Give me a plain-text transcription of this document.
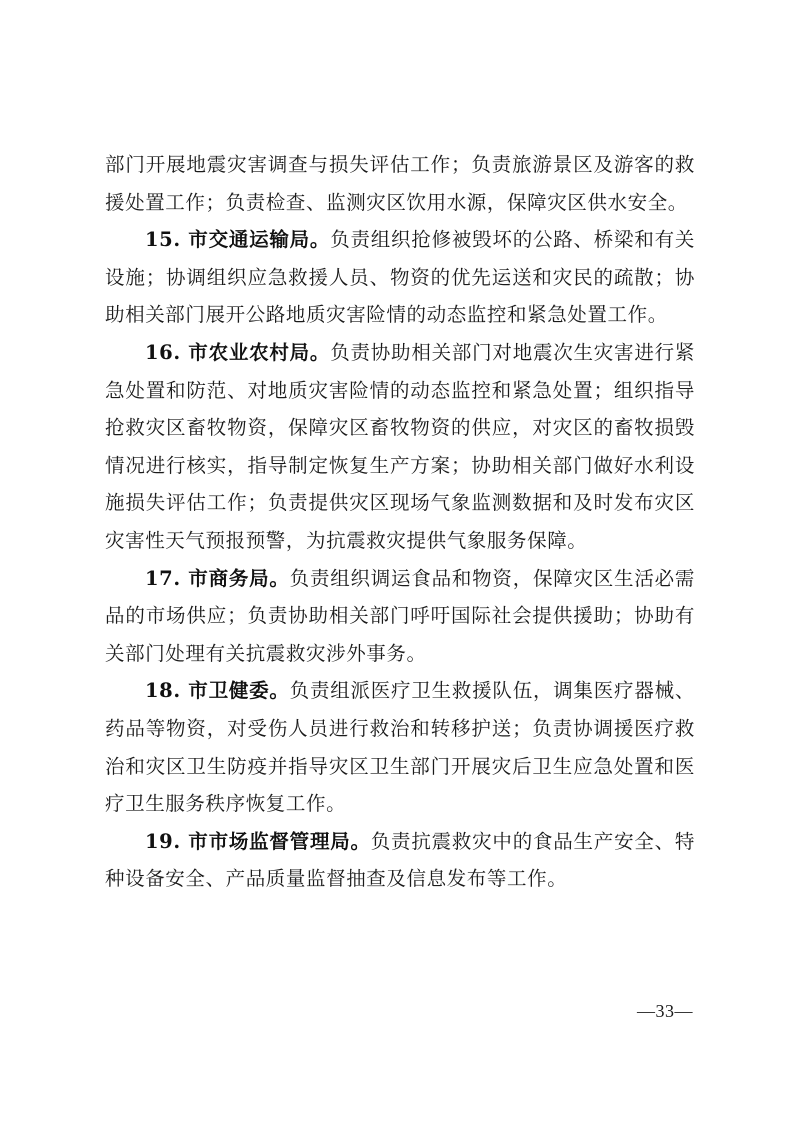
部门开展地震灾害调查与损失评估工作；负责旅游景区及游客的救援处置工作；负责检查、监测灾区饮用水源，保障灾区供水安全。

15. 市交通运输局。负责组织抢修被毁坏的公路、桥梁和有关设施；协调组织应急救援人员、物资的优先运送和灾民的疏散；协助相关部门展开公路地质灾害险情的动态监控和紧急处置工作。

16. 市农业农村局。负责协助相关部门对地震次生灾害进行紧急处置和防范、对地质灾害险情的动态监控和紧急处置；组织指导抢救灾区畜牧物资，保障灾区畜牧物资的供应，对灾区的畜牧损毁情况进行核实，指导制定恢复生产方案；协助相关部门做好水利设施损失评估工作；负责提供灾区现场气象监测数据和及时发布灾区灾害性天气预报预警，为抗震救灾提供气象服务保障。

17. 市商务局。负责组织调运食品和物资，保障灾区生活必需品的市场供应；负责协助相关部门呼吁国际社会提供援助；协助有关部门处理有关抗震救灾涉外事务。

18. 市卫健委。负责组派医疗卫生救援队伍，调集医疗器械、药品等物资，对受伤人员进行救治和转移护送；负责协调援医疗救治和灾区卫生防疫并指导灾区卫生部门开展灾后卫生应急处置和医疗卫生服务秩序恢复工作。

19. 市市场监督管理局。负责抗震救灾中的食品生产安全、特种设备安全、产品质量监督抽查及信息发布等工作。

—33—
